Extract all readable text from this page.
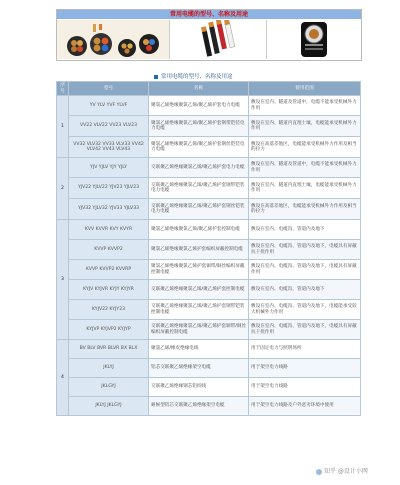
常用电缆的型号、名称及用途
常用电缆的型号、名称及用途
序号	型号	名称	使用范围
1	YV YLV YVF YLVF	聚氯乙烯绝缘聚氯乙烯/聚乙烯护套电力电缆	敷设在室内、隧道及管道中，电缆不能承受机械外力作用
	VV22 VLV22 VV23 VLV23	聚氯乙烯绝缘聚氯乙烯/聚乙烯护套钢带铠装电力电缆	敷设在室内、隧道内直埋土壤，电缆能承受机械外力作用
	VV32 VLV32 VV33 VLV33 VV42 VLV42 VV43 VLV43	聚氯乙烯绝缘聚氯乙烯/聚乙烯护套钢丝铠装电力电缆	敷设在高落差地区，电缆能承受机械外力作用及相当的拉力
2	YJV YJLV YJY YJLY	交联聚乙烯绝缘聚氯乙烯/聚乙烯护套电力电缆	敷设在室内、隧道及管道中，电缆不能承受机械外力作用
	YJV22 YJLV22 YJV23 YJLV23	交联聚乙烯绝缘聚氯乙烯/聚乙烯护套钢带铠装电力电缆	敷设在室内、隧道内直埋土壤，电缆能承受机械外力作用
	YJV32 YJLV32 YJV33 YJLV33	交联聚乙烯绝缘聚氯乙烯/聚乙烯护套钢丝铠装电力电缆	敷设在高落差地区，电缆能承受机械外力作用及相当的拉力
3	KVV KVVR KVY KVYR	聚氯乙烯绝缘聚氯乙烯/聚乙烯护套控制电缆	敷设在室内、电缆沟、管道内及地下
	KVVP KVVP2	聚氯乙烯绝缘聚氯乙烯护套编织屏蔽控制电缆	敷设在室内、电缆沟、管道内及地下，电缆具有屏蔽抗干扰作用
	KVVP KVVP2 KVVRP	聚氯乙烯绝缘聚氯乙烯护套铜带/铜丝编织屏蔽控制电缆	敷设在室内、电缆沟、管道内及地下，电缆具有屏蔽作用
	KYJV KYJVR KYJY KYJYR	交联聚乙烯绝缘聚氯乙烯/聚乙烯护套控制电缆	敷设在室内、电缆沟、管道内及地下
	KYJV22 KYJY23	交联聚乙烯绝缘聚氯乙烯/聚乙烯护套钢带铠装控制电缆	敷设在室内、电缆沟、管道内及地下，电缆能承受较大机械外力作用
	KYJVP KYJVP2 KYJYP	交联聚乙烯绝缘聚氯乙烯/聚乙烯护套铜带/铜丝编织屏蔽控制电缆	敷设在室内、电缆沟、管道内及地下，电缆具有屏蔽抗干扰作用
4	BV BLV BVR BLVR BX BLX	聚氯乙烯/橡皮绝缘电线	用于固定电力与照明场所
	JKLYJ	铝芯交联聚乙烯绝缘架空电缆	用于架空电力线路
	JKLGYJ	交联聚乙烯绝缘钢芯铝绞线	用于架空电力线路
	JKLYJ JKLGYJ	耐候型铝芯交联聚乙烯绝缘架空电缆	用于架空电力线路及户外恶劣环境中使用
知乎 @设计小网
